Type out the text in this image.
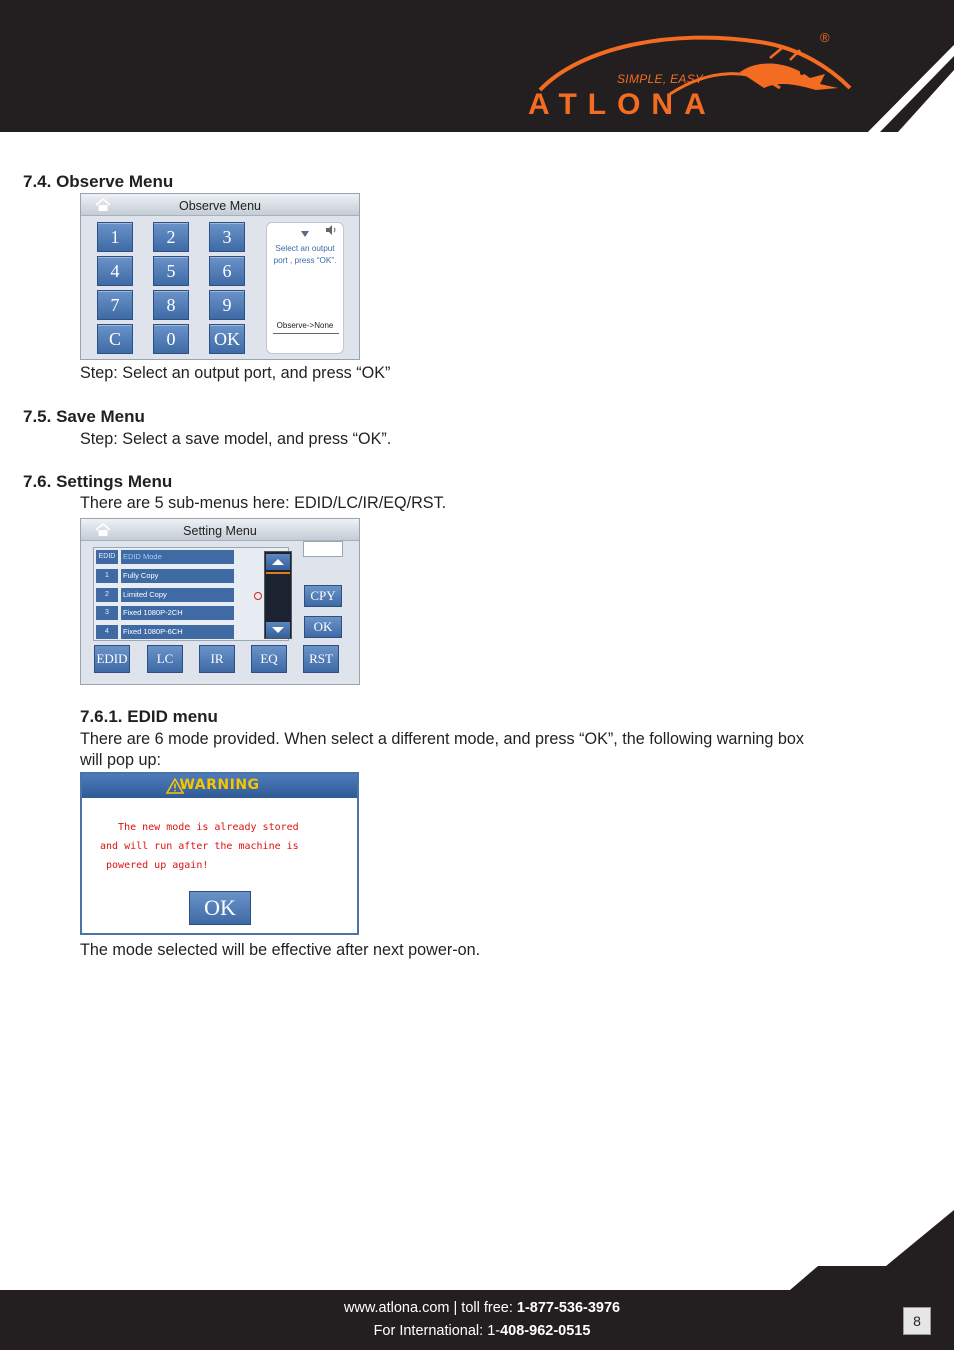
®
SIMPLE, EASY
ATLONA
7.4. Observe Menu
Observe Menu
1	2	3
4	5	6
7	8	9
C	0	OK
Select an output
port , press “OK”.
Observe->None

Step: Select an output port, and press “OK”

7.5. Save Menu

Step: Select a save model, and press “OK”.

7.6. Settings Menu

There are 5 sub-menus here: EDID/LC/IR/EQ/RST.

Setting Menu
EDID	EDID Mode
1	Fully Copy
2	Limited Copy
3	Fixed 1080P-2CH
4	Fixed 1080P-6CH
CPY
OK
EDID	LC	IR	EQ	RST
7.6.1. EDID menu

There are 6 mode provided. When select a different mode, and press “OK”, the following warning box

will pop up:

WARNING
The new mode is already stored
and will run after the machine is
powered up again!
OK

The mode selected will be effective after next power-on.

www.atlona.com | toll free: 1-877-536-3976
For International: 1-408-962-0515
8
